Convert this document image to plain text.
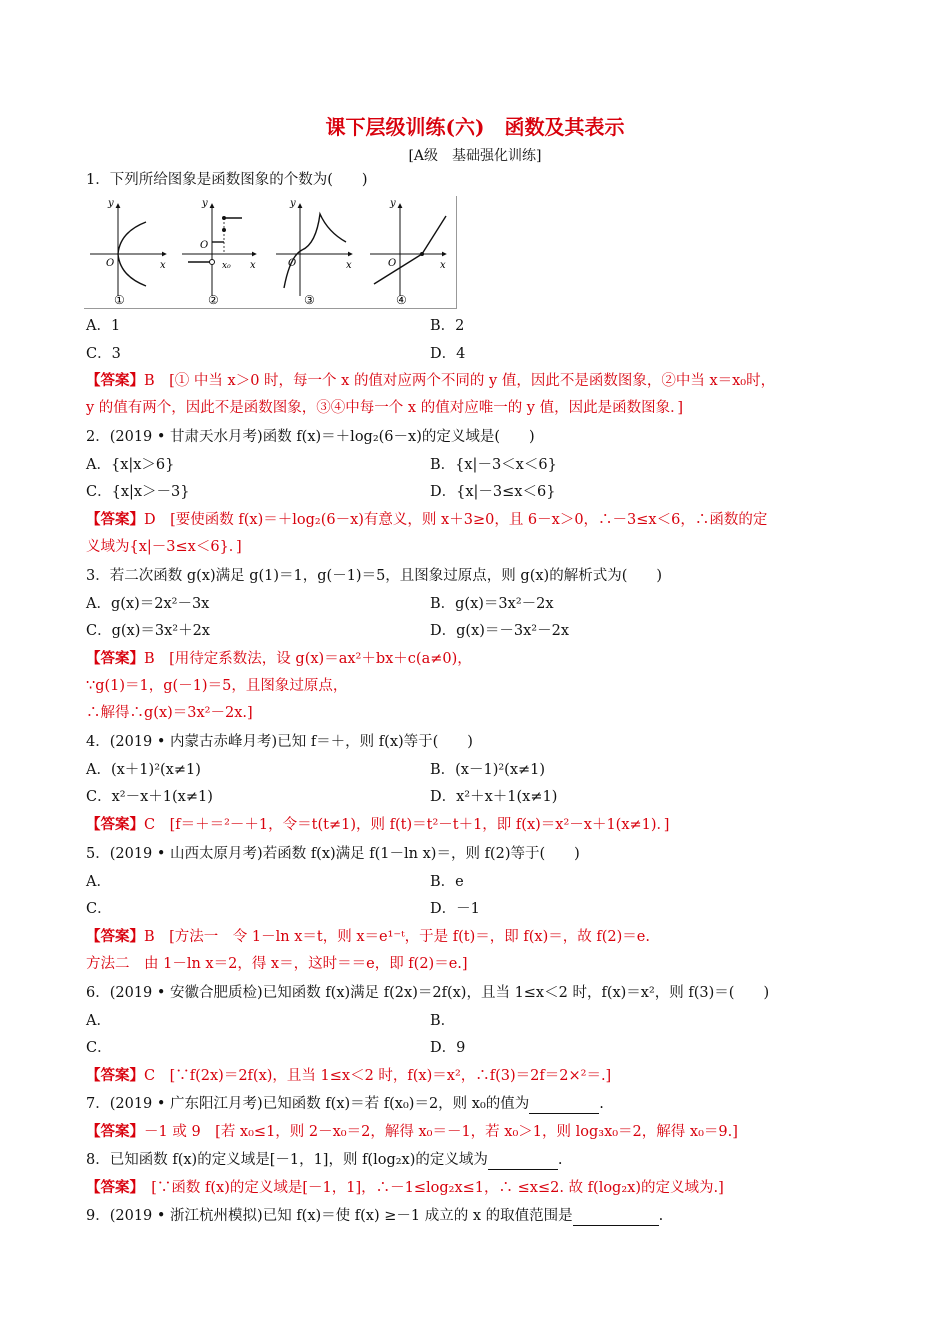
课下层级训练(六)　函数及其表示
[A级　基础强化训练]
1．下列所给图象是函数图象的个数为(　　)
y
x
O
①
y
x
O
x₀
②
y
x
O
③
y
x
O
④
A．1	B．2
C．3	D．4
【答案】B　[① 中当 x＞0 时，每一个 x 的值对应两个不同的 y 值，因此不是函数图象，②中当 x＝x₀时，
y 的值有两个，因此不是函数图象，③④中每一个 x 的值对应唯一的 y 值，因此是函数图象．]
2．(2019 • 甘肃天水月考)函数 f(x)＝＋log₂(6－x)的定义域是(　　)
A．{x|x＞6}	B．{x|－3＜x＜6}
C．{x|x＞－3}	D．{x|－3≤x＜6}
【答案】D　[要使函数 f(x)＝＋log₂(6－x)有意义，则 x＋3≥0，且 6－x＞0，∴－3≤x＜6，∴函数的定
义域为{x|－3≤x＜6}．]
3．若二次函数 g(x)满足 g(1)＝1，g(－1)＝5，且图象过原点，则 g(x)的解析式为(　　)
A．g(x)＝2x²－3x	B．g(x)＝3x²－2x
C．g(x)＝3x²＋2x	D．g(x)＝－3x²－2x
【答案】B　[用待定系数法，设 g(x)＝ax²＋bx＋c(a≠0)，
∵g(1)＝1，g(－1)＝5，且图象过原点，
∴解得∴g(x)＝3x²－2x.]
4．(2019 • 内蒙古赤峰月考)已知 f＝＋，则 f(x)等于(　　)
A．(x＋1)²(x≠1)	B．(x－1)²(x≠1)
C．x²－x＋1(x≠1)	D．x²＋x＋1(x≠1)
【答案】C　[f＝＋＝²－＋1，令＝t(t≠1)，则 f(t)＝t²－t＋1，即 f(x)＝x²－x＋1(x≠1)．]
5．(2019 • 山西太原月考)若函数 f(x)满足 f(1－ln x)＝，则 f(2)等于(　　)
A．	B．e
C．	D．－1
【答案】B　[方法一　令 1－ln x＝t，则 x＝e¹⁻ᵗ，于是 f(t)＝，即 f(x)＝，故 f(2)＝e.
方法二　由 1－ln x＝2，得 x＝，这时＝＝e，即 f(2)＝e.]
6．(2019 • 安徽合肥质检)已知函数 f(x)满足 f(2x)＝2f(x)，且当 1≤x＜2 时，f(x)＝x²，则 f(3)＝(　　)
A．	B．
C．	D．9
【答案】C　[∵f(2x)＝2f(x)，且当 1≤x＜2 时，f(x)＝x²，∴f(3)＝2f＝2×²＝.]
7．(2019 • 广东阳江月考)已知函数 f(x)＝若 f(x₀)＝2，则 x₀的值为	.
【答案】－1 或 9　[若 x₀≤1，则 2－x₀＝2，解得 x₀＝－1，若 x₀＞1，则 log₃x₀＝2，解得 x₀＝9.]
8．已知函数 f(x)的定义域是[－1，1]，则 f(log₂x)的定义域为	.
【答案】　[∵函数 f(x)的定义域是[－1，1]，∴－1≤log₂x≤1，∴ ≤x≤2. 故 f(log₂x)的定义域为.]
9．(2019 • 浙江杭州模拟)已知 f(x)＝使 f(x) ≥－1 成立的 x 的取值范围是	.
